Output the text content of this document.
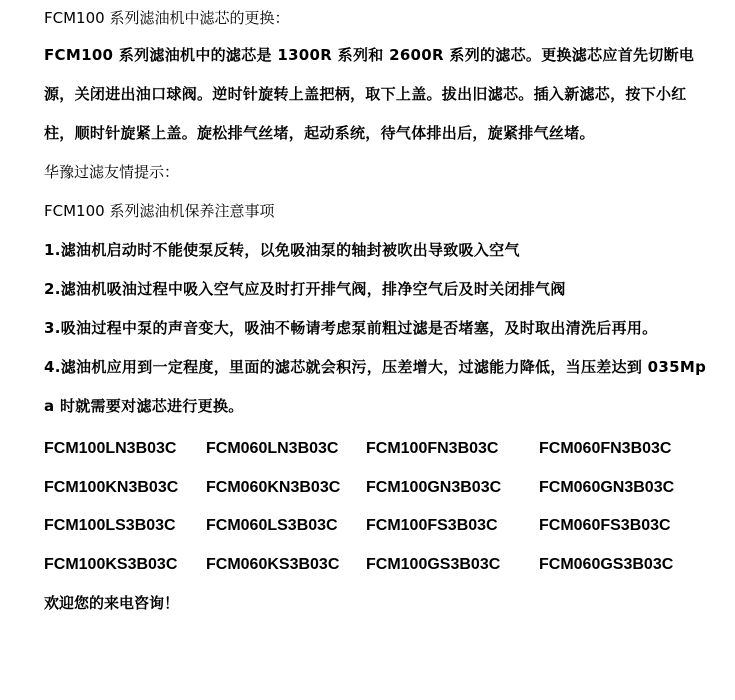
FCM100 系列滤油机中滤芯的更换：
FCM100 系列滤油机中的滤芯是 1300R 系列和 2600R 系列的滤芯。更换滤芯应首先切断电源，关闭进出油口球阀。逆时针旋转上盖把柄，取下上盖。拔出旧滤芯。插入新滤芯，按下小红柱，顺时针旋紧上盖。旋松排气丝堵，起动系统，待气体排出后，旋紧排气丝堵。
华豫过滤友情提示：
FCM100 系列滤油机保养注意事项
1.滤油机启动时不能使泵反转，以免吸油泵的轴封被吹出导致吸入空气
2.滤油机吸油过程中吸入空气应及时打开排气阀，排净空气后及时关闭排气阀
3.吸油过程中泵的声音变大，吸油不畅请考虑泵前粗过滤是否堵塞，及时取出清洗后再用。
4.滤油机应用到一定程度，里面的滤芯就会积污，压差增大，过滤能力降低，当压差达到 035Mpa 时就需要对滤芯进行更换。
FCM100LN3B03C	FCM060LN3B03C	FCM100FN3B03C	FCM060FN3B03C
FCM100KN3B03C	FCM060KN3B03C	FCM100GN3B03C	FCM060GN3B03C
FCM100LS3B03C	FCM060LS3B03C	FCM100FS3B03C	FCM060FS3B03C
FCM100KS3B03C	FCM060KS3B03C	FCM100GS3B03C	FCM060GS3B03C
欢迎您的来电咨询！
